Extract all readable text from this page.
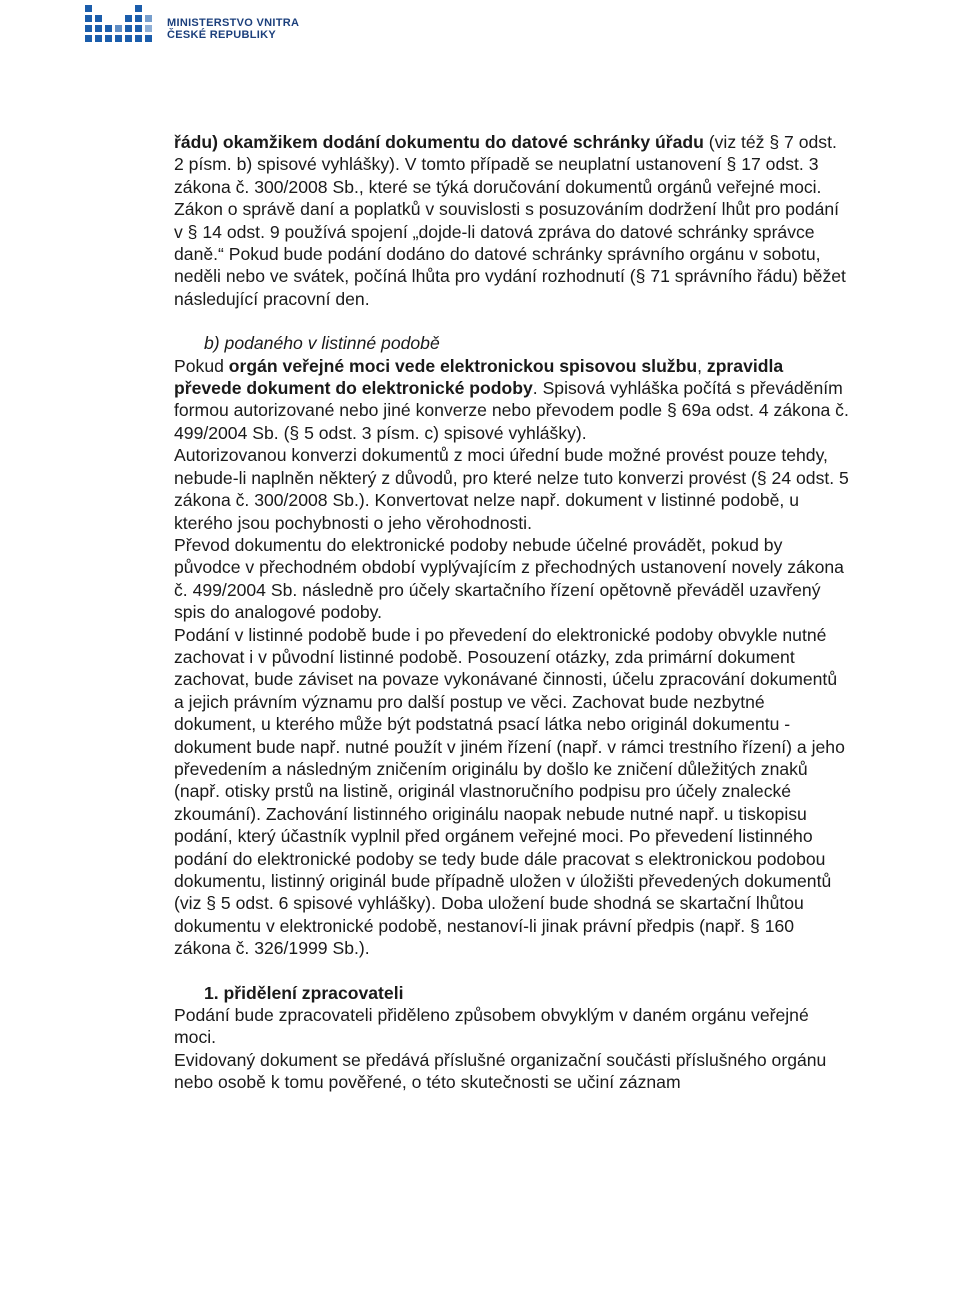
MINISTERSTVO VNITRA
ČESKÉ REPUBLIKY

řádu) okamžikem dodání dokumentu do datové schránky úřadu (viz též § 7 odst. 2 písm. b) spisové vyhlášky). V tomto případě se neuplatní ustanovení § 17 odst. 3 zákona č. 300/2008 Sb., které se týká doručování dokumentů orgánů veřejné moci. Zákon o správě daní a poplatků v souvislosti s posuzováním dodržení lhůt pro podání v § 14 odst. 9 používá spojení „dojde-li datová zpráva do datové schránky správce daně.“ Pokud bude podání dodáno do datové schránky správního orgánu v sobotu, neděli nebo ve svátek, počíná lhůta pro vydání rozhodnutí (§ 71 správního řádu) běžet následující pracovní den.

b) podaného v listinné podobě

Pokud orgán veřejné moci vede elektronickou spisovou službu, zpravidla převede dokument do elektronické podoby. Spisová vyhláška počítá s převáděním formou autorizované nebo jiné konverze nebo převodem podle § 69a odst. 4 zákona č. 499/2004 Sb. (§ 5 odst. 3 písm. c) spisové vyhlášky).

Autorizovanou konverzi dokumentů z moci úřední bude možné provést pouze tehdy, nebude-li naplněn některý z důvodů, pro které nelze tuto konverzi provést (§ 24 odst. 5 zákona č. 300/2008 Sb.). Konvertovat nelze např. dokument v listinné podobě, u kterého jsou pochybnosti o jeho věrohodnosti.

Převod dokumentu do elektronické podoby nebude účelné provádět, pokud by původce v přechodném období vyplývajícím z přechodných ustanovení novely zákona č. 499/2004 Sb. následně pro účely skartačního řízení opětovně převáděl uzavřený spis do analogové podoby.

Podání v listinné podobě bude i po převedení do elektronické podoby obvykle nutné zachovat i v původní listinné podobě. Posouzení otázky, zda primární dokument zachovat, bude záviset na povaze vykonávané činnosti, účelu zpracování dokumentů a jejich právním významu pro další postup ve věci. Zachovat bude nezbytné dokument, u kterého může být podstatná psací látka nebo originál dokumentu - dokument bude např. nutné použít v jiném řízení (např. v rámci trestního řízení) a jeho převedením a následným zničením originálu by došlo ke zničení důležitých znaků (např. otisky prstů na listině, originál vlastnoručního podpisu pro účely znalecké zkoumání). Zachování listinného originálu naopak nebude nutné např. u tiskopisu podání, který účastník vyplnil před orgánem veřejné moci. Po převedení listinného podání do elektronické podoby se tedy bude dále pracovat s elektronickou podobou dokumentu, listinný originál bude případně uložen v úložišti převedených dokumentů (viz § 5 odst. 6 spisové vyhlášky). Doba uložení bude shodná se skartační lhůtou dokumentu v elektronické podobě, nestanoví-li jinak právní předpis (např. § 160 zákona č. 326/1999 Sb.).

1. přidělení zpracovateli

Podání bude zpracovateli přiděleno způsobem obvyklým v daném orgánu veřejné moci.

Evidovaný dokument se předává příslušné organizační součásti příslušného orgánu nebo osobě k tomu pověřené, o této skutečnosti se učiní záznam
